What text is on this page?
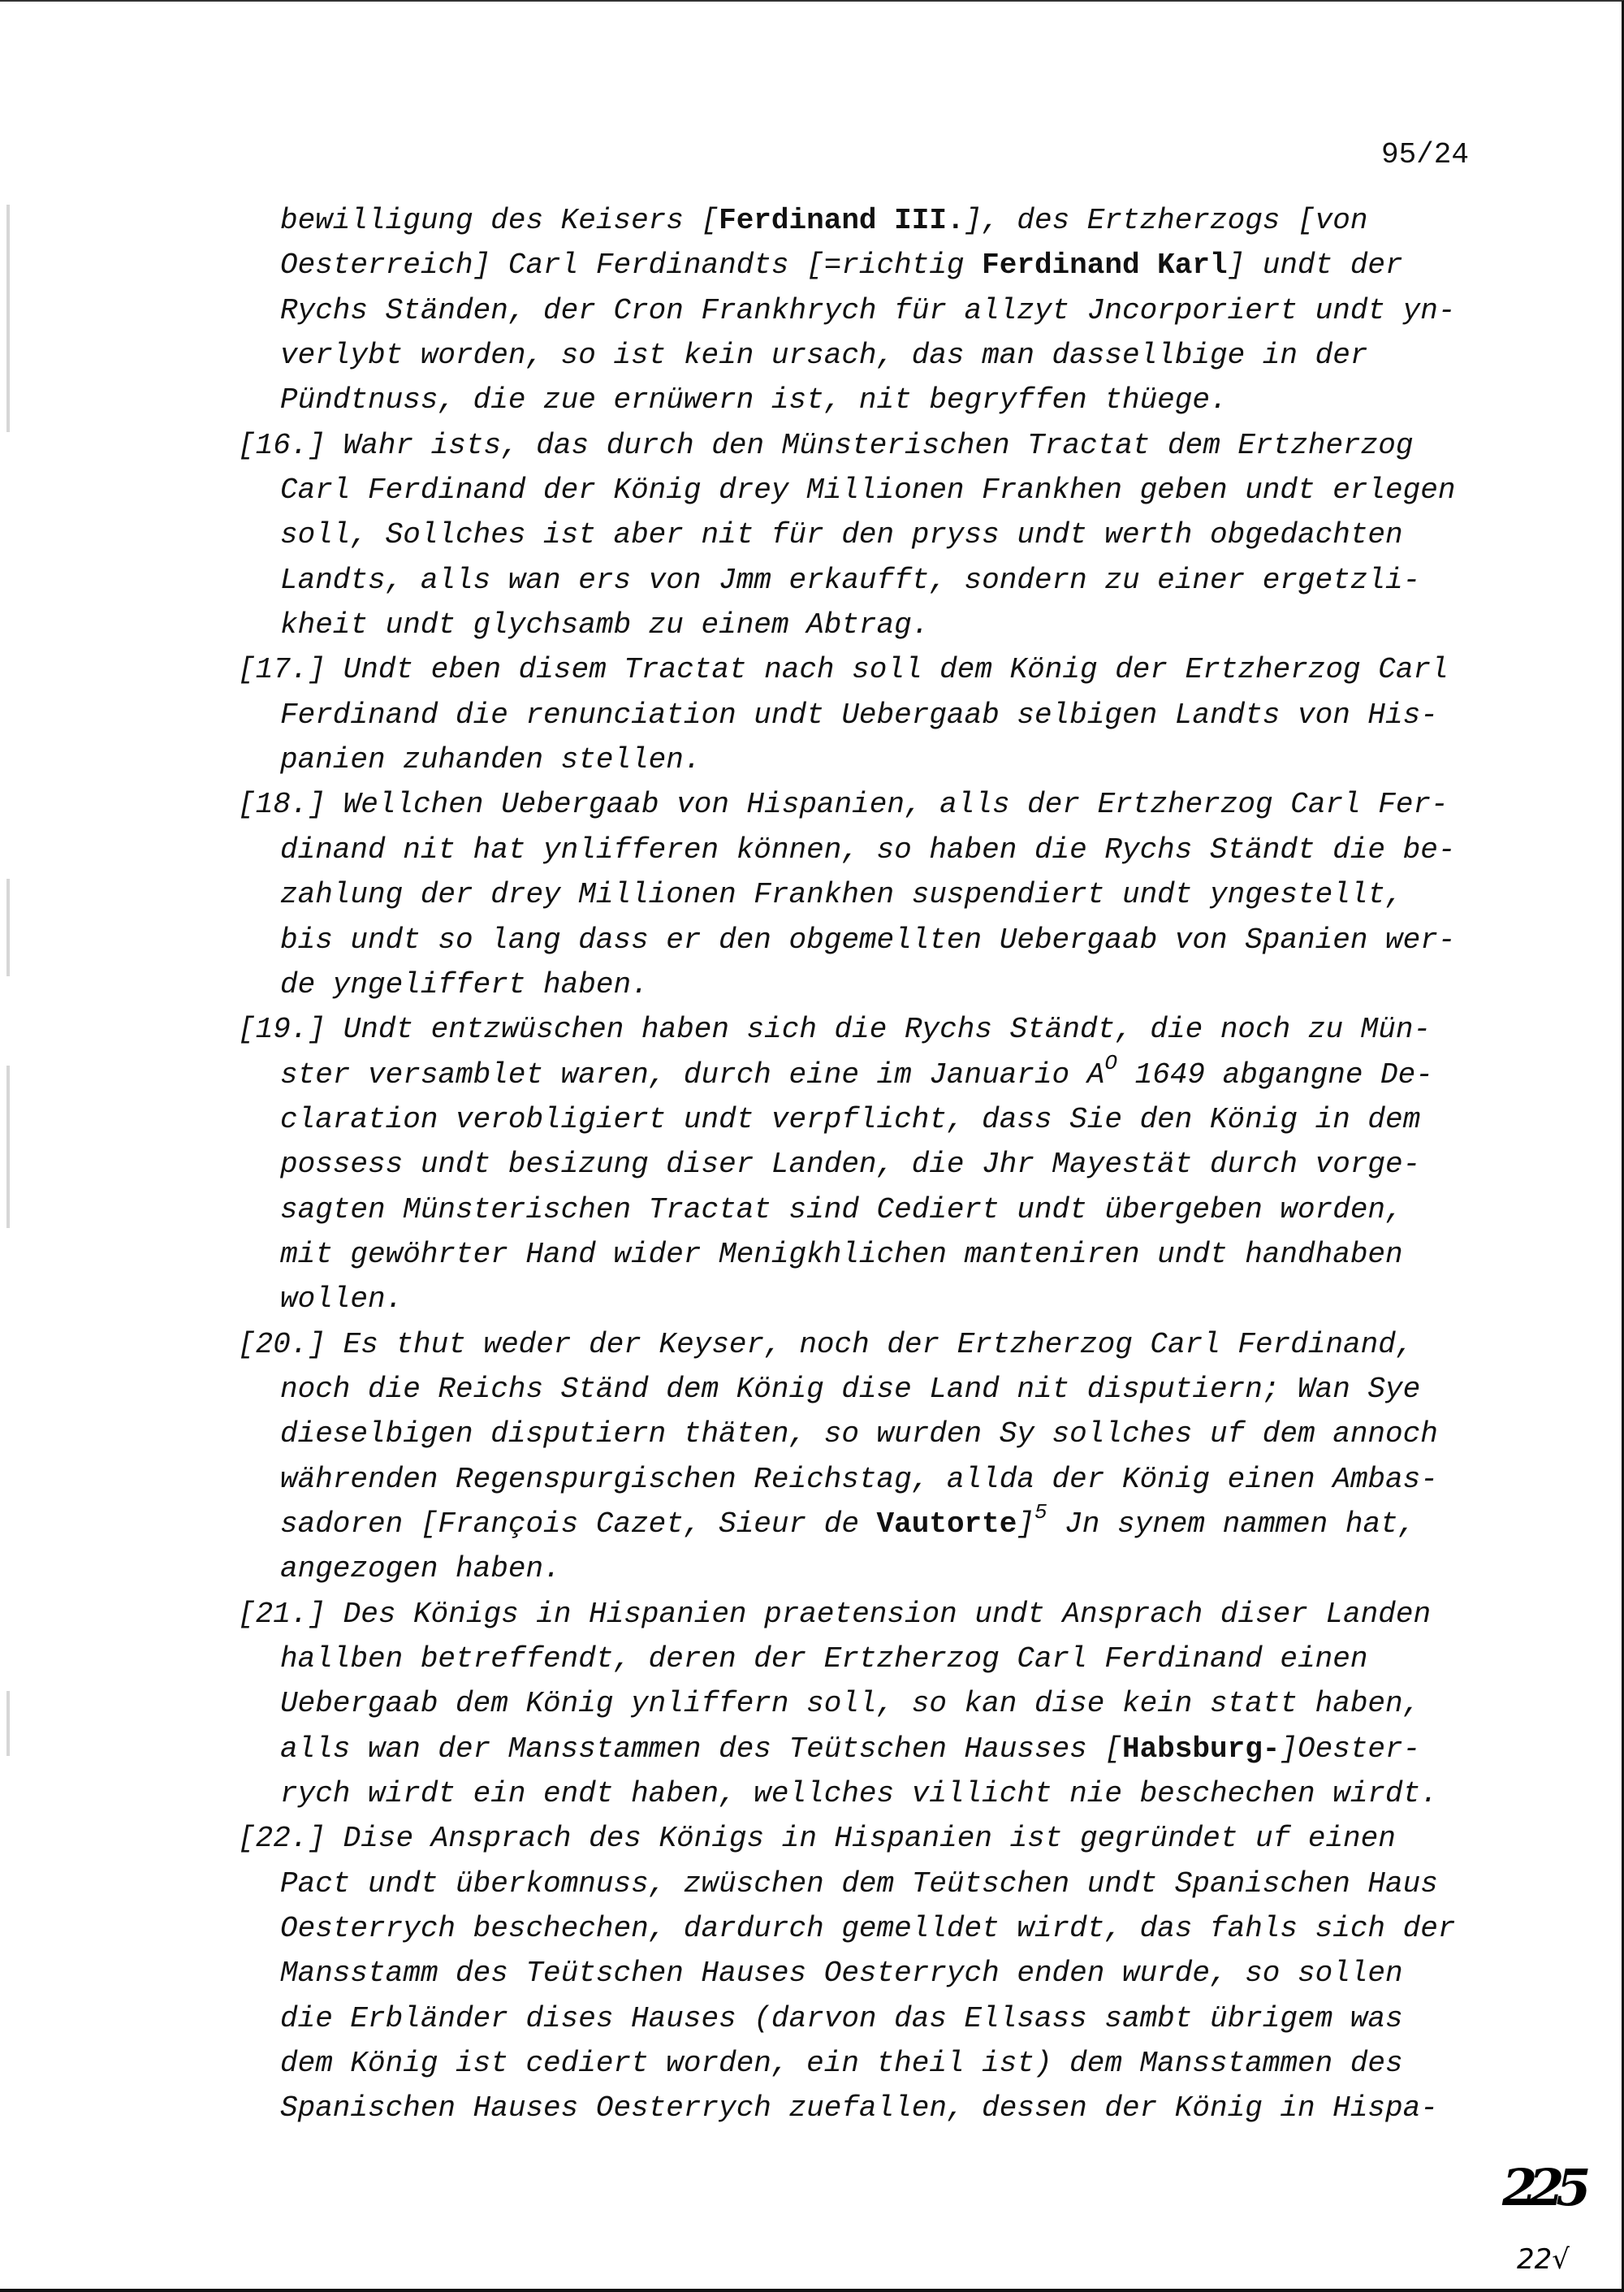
95/24
bewilligung des Keisers [Ferdinand III.], des Ertzherzogs [von
Oesterreich] Carl Ferdinandts [=richtig Ferdinand Karl] undt der
Rychs Ständen, der Cron Frankhrych für allzyt Jncorporiert undt yn-
verlybt worden, so ist kein ursach, das man dassellbige in der
Pündtnuss, die zue ernüwern ist, nit begryffen thüege.
[16.] Wahr ists, das durch den Münsterischen Tractat dem Ertzherzog
Carl Ferdinand der König drey Millionen Frankhen geben undt erlegen
soll, Sollches ist aber nit für den pryss undt werth obgedachten
Landts, alls wan ers von Jmm erkaufft, sondern zu einer ergetzli-
kheit undt glychsamb zu einem Abtrag.
[17.] Undt eben disem Tractat nach soll dem König der Ertzherzog Carl
Ferdinand die renunciation undt Uebergaab selbigen Landts von His-
panien zuhanden stellen.
[18.] Wellchen Uebergaab von Hispanien, alls der Ertzherzog Carl Fer-
dinand nit hat ynlifferen können, so haben die Rychs Ständt die be-
zahlung der drey Millionen Frankhen suspendiert undt yngestellt,
bis undt so lang dass er den obgemellten Uebergaab von Spanien wer-
de yngeliffert haben.
[19.] Undt entzwüschen haben sich die Rychs Ständt, die noch zu Mün-
ster versamblet waren, durch eine im Januario $A^O$ 1649 abgangne De-
claration verobligiert undt verpflicht, dass Sie den König in dem
possess undt besizung diser Landen, die Jhr Mayestät durch vorge-
sagten Münsterischen Tractat sind Cediert undt übergeben worden,
mit gewöhrter Hand wider Menigkhlichen manteniren undt handhaben
wollen.
[20.] Es thut weder der Keyser, noch der Ertzherzog Carl Ferdinand,
noch die Reichs Ständ dem König dise Land nit disputiern; Wan Sye
dieselbigen disputiern thäten, so wurden Sy sollches uf dem annoch
währenden Regenspurgischen Reichstag, allda der König einen Ambas-
sadoren [François Cazet, Sieur de Vautorte]$^5$ Jn synem nammen hat,
angezogen haben.
[21.] Des Königs in Hispanien praetension undt Ansprach diser Landen
hallben betreffendt, deren der Ertzherzog Carl Ferdinand einen
Uebergaab dem König ynliffern soll, so kan dise kein statt haben,
alls wan der Mansstammen des Teütschen Hausses [Habsburg-]Oester-
rych wirdt ein endt haben, wellches villicht nie beschechen wirdt.
[22.] Dise Ansprach des Königs in Hispanien ist gegründet uf einen
Pact undt überkomnuss, zwüschen dem Teütschen undt Spanischen Haus
Oesterrych beschechen, dardurch gemelldet wirdt, das fahls sich der
Mansstamm des Teütschen Hauses Oesterrych enden wurde, so sollen
die Erbländer dises Hauses (darvon das Ellsass sambt übrigem was
dem König ist cediert worden, ein theil ist) dem Mansstammen des
Spanischen Hauses Oesterrych zuefallen, dessen der König in Hispa-
225
22√
